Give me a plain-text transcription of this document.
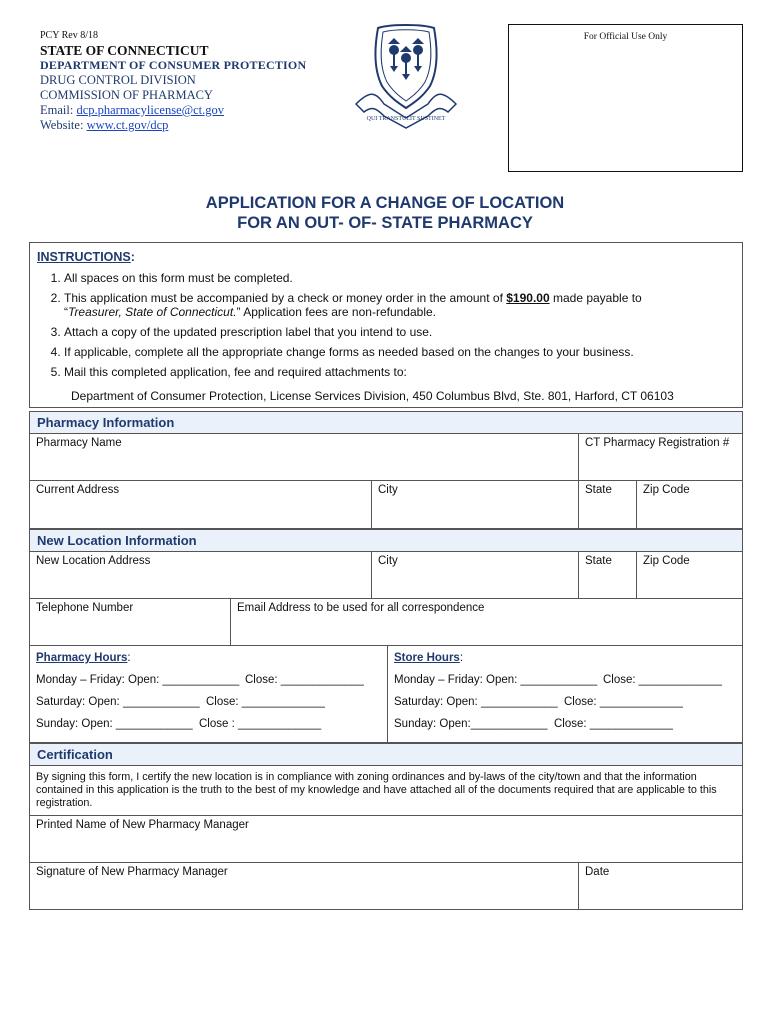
PCY Rev 8/18
STATE OF CONNECTICUT
DEPARTMENT OF CONSUMER PROTECTION
DRUG CONTROL DIVISION
COMMISSION OF PHARMACY
Email: dcp.pharmacylicense@ct.gov
Website: www.ct.gov/dcp	QUI TRANSTULIT SUSTINET
For Official Use Only
APPLICATION FOR A CHANGE OF LOCATION
FOR AN OUT- OF- STATE PHARMACY
INSTRUCTIONS:
1. All spaces on this form must be completed.
2. This application must be accompanied by a check or money order in the amount of $190.00 made payable to
“Treasurer, State of Connecticut.” Application fees are non-refundable.
3. Attach a copy of the updated prescription label that you intend to use.
4. If applicable, complete all the appropriate change forms as needed based on the changes to your business.
5. Mail this completed application, fee and required attachments to:
Department of Consumer Protection, License Services Division, 450 Columbus Blvd, Ste. 801, Harford, CT 06103
Pharmacy Information
Pharmacy Name	CT Pharmacy Registration #
Current Address	City	State	Zip Code
New Location Information
New Location Address	City	State	Zip Code
Telephone Number	Email Address to be used for all correspondence
Pharmacy Hours:
Monday – Friday: Open: ____________ Close: _____________
Saturday: Open: ____________ Close: _____________
Sunday: Open: ____________ Close : _____________
Store Hours:
Monday – Friday: Open: ____________ Close: _____________
Saturday: Open: ____________ Close: _____________
Sunday: Open:____________ Close: _____________
Certification
By signing this form, I certify the new location is in compliance with zoning ordinances and by-laws of the city/town and that the information contained in this application is the truth to the best of my knowledge and have attached all of the documents required that are applicable to this registration.
Printed Name of New Pharmacy Manager
Signature of New Pharmacy Manager	Date
